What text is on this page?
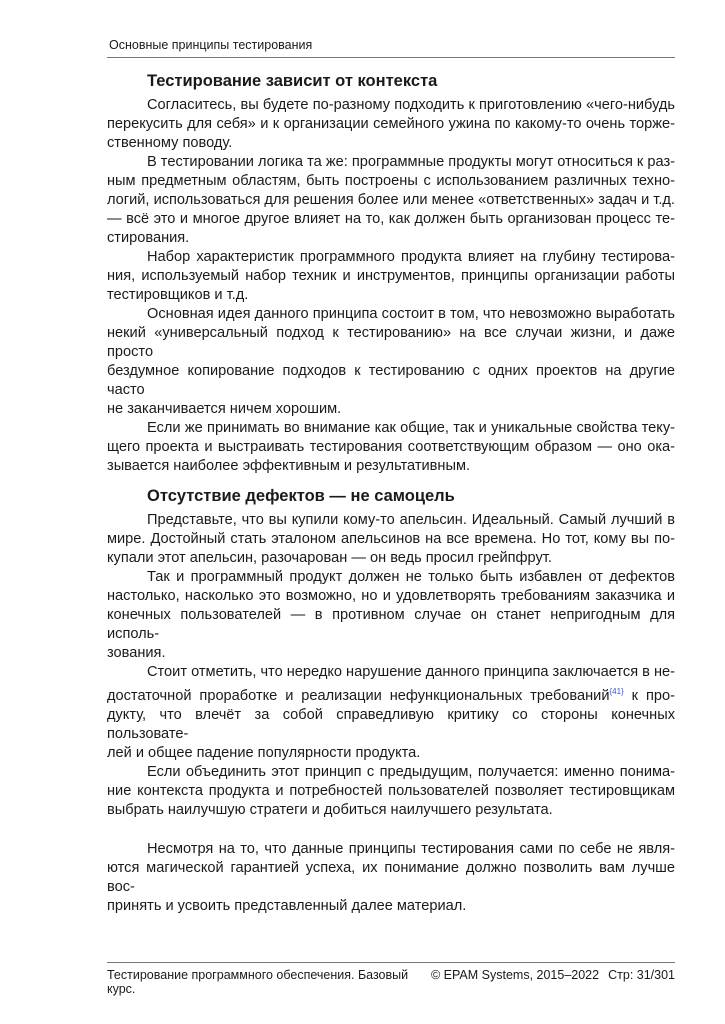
Основные принципы тестирования
Тестирование зависит от контекста
Согласитесь, вы будете по-разному подходить к приготовлению «чего-нибудь
перекусить для себя» и к организации семейного ужина по какому-то очень торже-
ственному поводу.
В тестировании логика та же: программные продукты могут относиться к раз-
ным предметным областям, быть построены с использованием различных техно-
логий, использоваться для решения более или менее «ответственных» задач и т.д.
— всё это и многое другое влияет на то, как должен быть организован процесс те-
стирования.
Набор характеристик программного продукта влияет на глубину тестирова-
ния, используемый набор техник и инструментов, принципы организации работы
тестировщиков и т.д.
Основная идея данного принципа состоит в том, что невозможно выработать
некий «универсальный подход к тестированию» на все случаи жизни, и даже просто
бездумное копирование подходов к тестированию с одних проектов на другие часто
не заканчивается ничем хорошим.
Если же принимать во внимание как общие, так и уникальные свойства теку-
щего проекта и выстраивать тестирования соответствующим образом — оно ока-
зывается наиболее эффективным и результативным.
Отсутствие дефектов — не самоцель
Представьте, что вы купили кому-то апельсин. Идеальный. Самый лучший в
мире. Достойный стать эталоном апельсинов на все времена. Но тот, кому вы по-
купали этот апельсин, разочарован — он ведь просил грейпфрут.
Так и программный продукт должен не только быть избавлен от дефектов
настолько, насколько это возможно, но и удовлетворять требованиям заказчика и
конечных пользователей — в противном случае он станет непригодным для исполь-
зования.
Стоит отметить, что нередко нарушение данного принципа заключается в не-
достаточной проработке и реализации нефункциональных требований$^{\{41\}}$ к про-
дукту, что влечёт за собой справедливую критику со стороны конечных пользовате-
лей и общее падение популярности продукта.
Если объединить этот принцип с предыдущим, получается: именно понима-
ние контекста продукта и потребностей пользователей позволяет тестировщикам
выбрать наилучшую стратеги и добиться наилучшего результата.
Несмотря на то, что данные принципы тестирования сами по себе не явля-
ются магической гарантией успеха, их понимание должно позволить вам лучше вос-
принять и усвоить представленный далее материал.
Тестирование программного обеспечения. Базовый курс.
© EPAM Systems, 2015–2022 Стр: 31/301
